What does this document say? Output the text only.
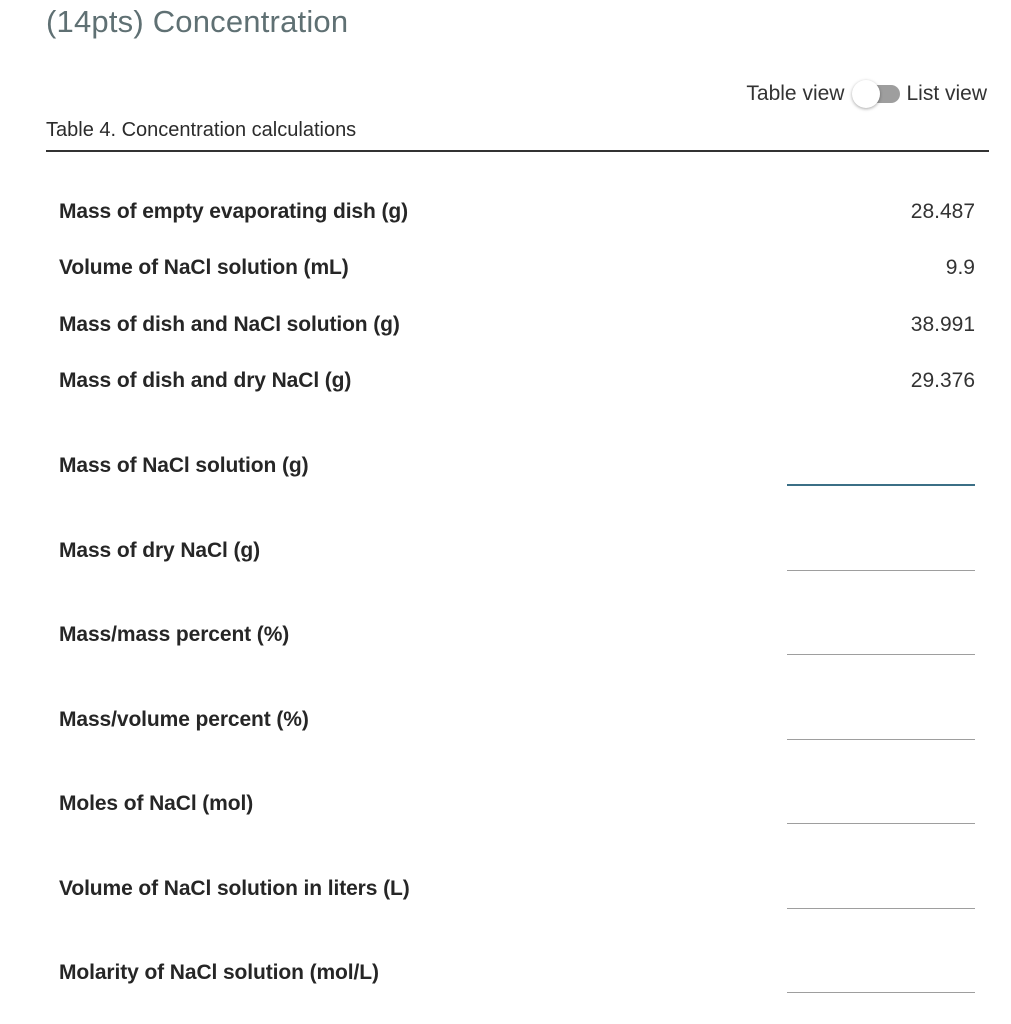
(14pts) Concentration
Table view	List view
Table 4. Concentration calculations
Mass of empty evaporating dish (g)	28.487
Volume of NaCl solution (mL)	9.9
Mass of dish and NaCl solution (g)	38.991
Mass of dish and dry NaCl (g)	29.376
Mass of NaCl solution (g)
Mass of dry NaCl (g)
Mass/mass percent (%)
Mass/volume percent (%)
Moles of NaCl (mol)
Volume of NaCl solution in liters (L)
Molarity of NaCl solution (mol/L)
